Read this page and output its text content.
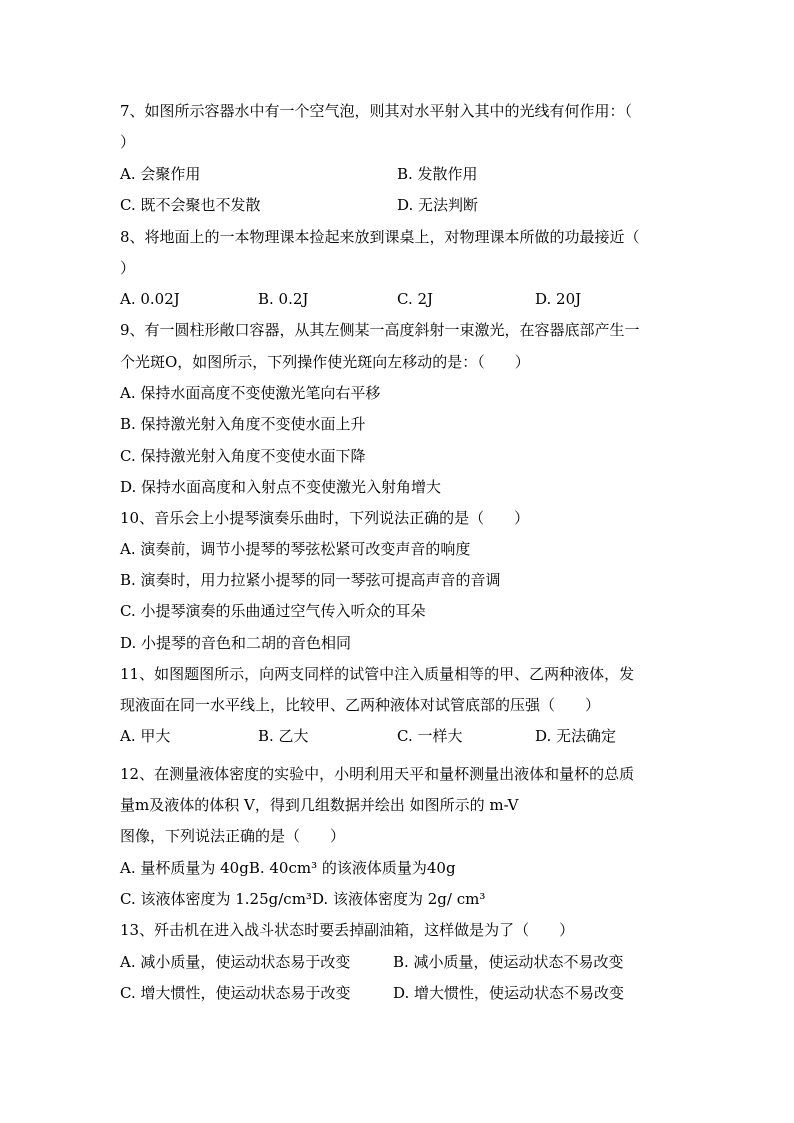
7、如图所示容器水中有一个空气泡，则其对水平射入其中的光线有何作用：（
）
A. 会聚作用	B. 发散作用
C. 既不会聚也不发散	D. 无法判断
8、将地面上的一本物理课本捡起来放到课桌上，对物理课本所做的功最接近（
）
A. 0.02J	B. 0.2J	C. 2J	D. 20J
9、有一圆柱形敞口容器，从其左侧某一高度斜射一束激光，在容器底部产生一
个光斑O，如图所示，下列操作使光斑向左移动的是：（　　）
A. 保持水面高度不变使激光笔向右平移
B. 保持激光射入角度不变使水面上升
C. 保持激光射入角度不变使水面下降
D. 保持水面高度和入射点不变使激光入射角增大
10、音乐会上小提琴演奏乐曲时，下列说法正确的是（　　）
A. 演奏前，调节小提琴的琴弦松紧可改变声音的响度
B. 演奏时，用力拉紧小提琴的同一琴弦可提高声音的音调
C. 小提琴演奏的乐曲通过空气传入听众的耳朵
D. 小提琴的音色和二胡的音色相同
11、如图题图所示，向两支同样的试管中注入质量相等的甲、乙两种液体，发
现液面在同一水平线上，比较甲、乙两种液体对试管底部的压强（　　）
A. 甲大	B. 乙大	C. 一样大	D. 无法确定
12、在测量液体密度的实验中，小明利用天平和量杯测量出液体和量杯的总质
量m及液体的体积 V，得到几组数据并绘出 如图所示的 m-V
图像，下列说法正确的是（　　）
A. 量杯质量为 40gB. 40cm³ 的该液体质量为40g
C. 该液体密度为 1.25g/cm³D. 该液体密度为 2g/ cm³
13、歼击机在进入战斗状态时要丢掉副油箱，这样做是为了（　　）
A. 减小质量，使运动状态易于改变	B. 减小质量，使运动状态不易改变
C. 增大惯性，使运动状态易于改变	D. 增大惯性，使运动状态不易改变
